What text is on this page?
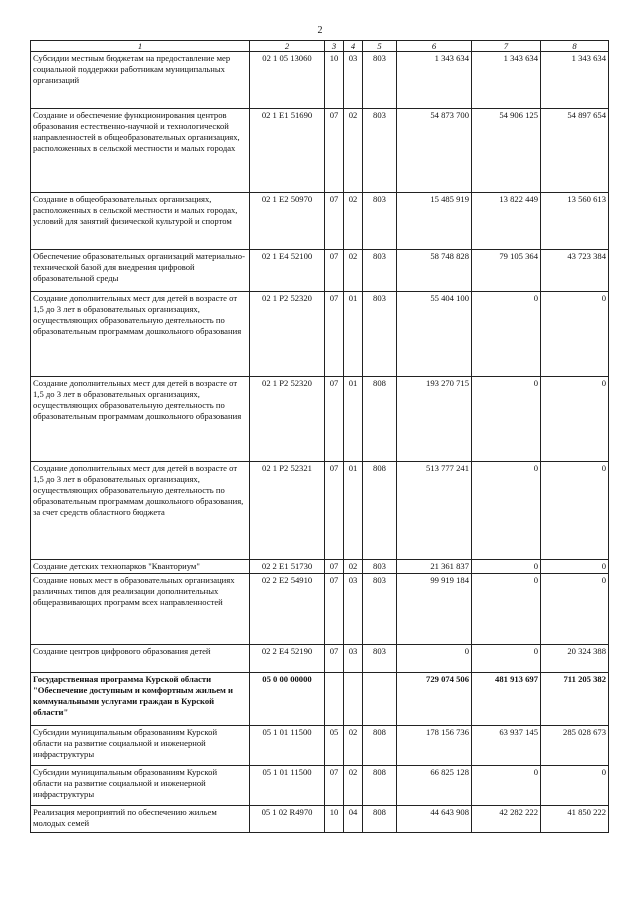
2
1	2	3	4	5	6	7	8
Субсидии местным бюджетам на предоставление мер социальной поддержки работникам муниципальных организаций	02 1 05 13060	10	03	803	1 343 634	1 343 634	1 343 634
Создание и обеспечение функционирования центров образования естественно-научной и технологической направленностей в общеобразовательных организациях, расположенных в сельской местности и малых городах	02 1 E1 51690	07	02	803	54 873 700	54 906 125	54 897 654
Создание в общеобразовательных организациях, расположенных в сельской местности и малых городах, условий для занятий физической культурой и спортом	02 1 E2 50970	07	02	803	15 485 919	13 822 449	13 560 613
Обеспечение образовательных организаций материально-технической базой для внедрения цифровой образовательной среды	02 1 E4 52100	07	02	803	58 748 828	79 105 364	43 723 384
Создание дополнительных мест для детей в возрасте от 1,5 до 3 лет в образовательных организациях, осуществляющих образовательную деятельность по образовательным программам дошкольного образования	02 1 P2 52320	07	01	803	55 404 100	0	0
Создание дополнительных мест для детей в возрасте от 1,5 до 3 лет в образовательных организациях, осуществляющих образовательную деятельность по образовательным программам дошкольного образования	02 1 P2 52320	07	01	808	193 270 715	0	0
Создание дополнительных мест для детей в возрасте от 1,5 до 3 лет в образовательных организациях, осуществляющих образовательную деятельность по образовательным программам дошкольного образования, за счет средств областного бюджета	02 1 P2 52321	07	01	808	513 777 241	0	0
Создание детских технопарков "Кванториум"	02 2 E1 51730	07	02	803	21 361 837	0	0
Создание новых мест в образовательных организациях различных типов для реализации дополнительных общеразвивающих программ всех направленностей	02 2 E2 54910	07	03	803	99 919 184	0	0
Создание центров цифрового образования детей	02 2 E4 52190	07	03	803	0	0	20 324 388
Государственная программа Курской области "Обеспечение доступным и комфортным жильем и коммунальными услугами граждан в Курской области"	05 0 00 00000				729 074 506	481 913 697	711 205 382
Субсидии муниципальным образованиям Курской области на развитие социальной и инженерной инфраструктуры	05 1 01 11500	05	02	808	178 156 736	63 937 145	285 028 673
Субсидии муниципальным образованиям Курской области на развитие социальной и инженерной инфраструктуры	05 1 01 11500	07	02	808	66 825 128	0	0
Реализация мероприятий по обеспечению жильем молодых семей	05 1 02 R4970	10	04	808	44 643 908	42 282 222	41 850 222
